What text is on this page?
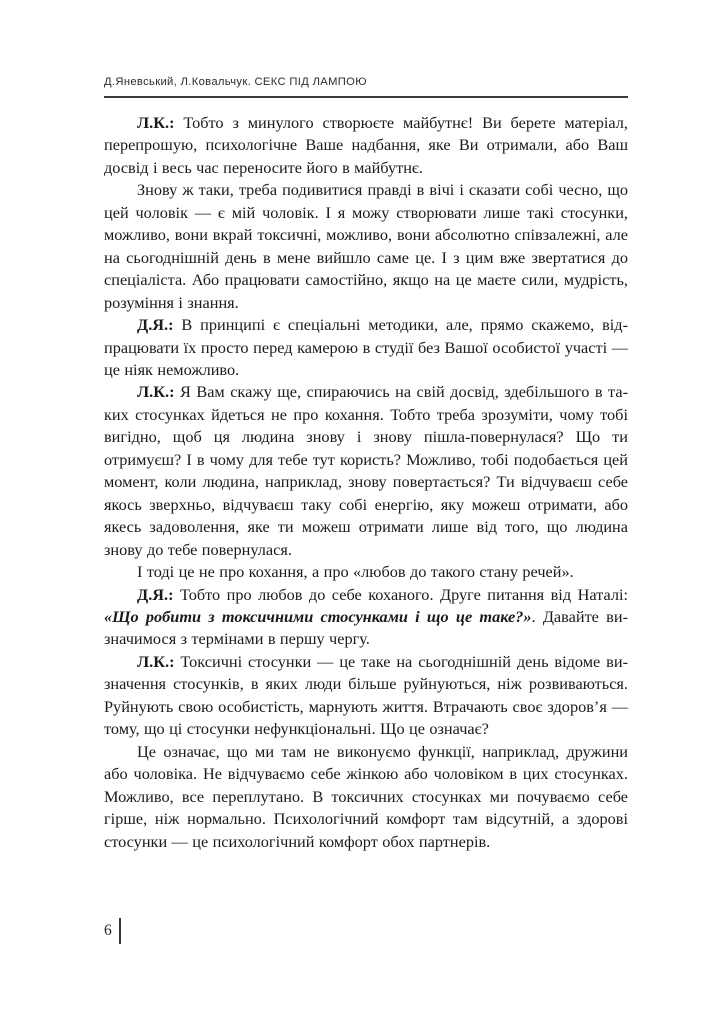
Д.Яневський, Л.Ковальчук. СЕКС ПІД ЛАМПОЮ

Л.К.: Тобто з минулого створюєте майбутнє! Ви берете матеріал, перепрошую, психологічне Ваше надбання, яке Ви отримали, або Ваш досвід і весь час переносите його в майбутнє.

Знову ж таки, треба подивитися правді в вічі і сказати собі чесно, що цей чоловік — є мій чоловік. І я можу створювати лише такі стосунки, можливо, вони вкрай токсичні, можливо, вони абсолютно співзалежні, але на сьогоднішній день в мене вийшло саме це. І з цим вже звертатися до спеціаліста. Або працювати самостійно, якщо на це маєте сили, мудрість, розуміння і знання.

Д.Я.: В принципі є спеціальні методики, але, прямо скажемо, відпрацювати їх просто перед камерою в студії без Вашої особистої участі — це ніяк неможливо.

Л.К.: Я Вам скажу ще, спираючись на свій досвід, здебільшого в таких стосунках йдеться не про кохання. Тобто треба зрозуміти, чому тобі вигідно, щоб ця людина знову і знову пішла-повернулася? Що ти отримуєш? І в чому для тебе тут користь? Можливо, тобі подобається цей момент, коли людина, наприклад, знову повертається? Ти відчуваєш себе якось зверхньо, відчуваєш таку собі енергію, яку можеш отримати, або якесь задоволення, яке ти можеш отримати лише від того, що людина знову до тебе повернулася.

І тоді це не про кохання, а про «любов до такого стану речей».

Д.Я.: Тобто про любов до себе коханого. Друге питання від Наталі: «Що робити з токсичними стосунками і що це таке?». Давайте визначимося з термінами в першу чергу.

Л.К.: Токсичні стосунки — це таке на сьогоднішній день відоме визначення стосунків, в яких люди більше руйнуються, ніж розвиваються. Руйнують свою особистість, марнують життя. Втрачають своє здоров’я — тому, що ці стосунки нефункціональні. Що це означає?

Це означає, що ми там не виконуємо функції, наприклад, дружини або чоловіка. Не відчуваємо себе жінкою або чоловіком в цих стосунках. Можливо, все переплутано. В токсичних стосунках ми почуваємо себе гірше, ніж нормально. Психологічний комфорт там відсутній, а здорові стосунки — це психологічний комфорт обох партнерів.

6
